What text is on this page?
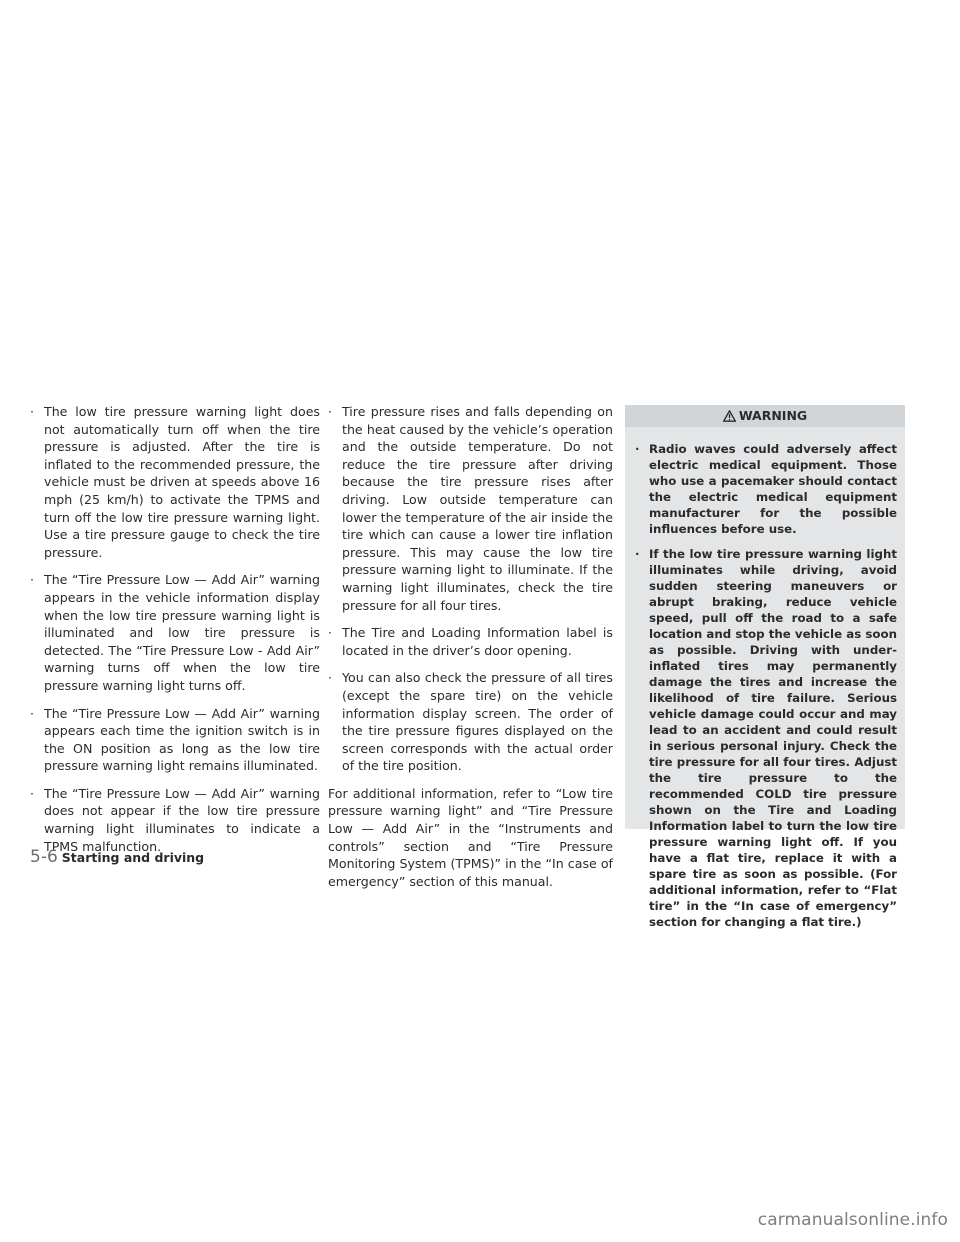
· The low tire pressure warning light does not automatically turn off when the tire pressure is adjusted. After the tire is inflated to the recommended pressure, the vehicle must be driven at speeds above 16 mph (25 km/h) to activate the TPMS and turn off the low tire pressure warning light. Use a tire pressure gauge to check the tire pressure.
· The “Tire Pressure Low — Add Air” warning appears in the vehicle information display when the low tire pressure warning light is illuminated and low tire pressure is detected. The “Tire Pressure Low - Add Air” warning turns off when the low tire pressure warning light turns off.
· The “Tire Pressure Low — Add Air” warning appears each time the ignition switch is in the ON position as long as the low tire pressure warning light remains illuminated.
· The “Tire Pressure Low — Add Air” warning does not appear if the low tire pressure warning light illuminates to indicate a TPMS malfunction.
· Tire pressure rises and falls depending on the heat caused by the vehicle’s operation and the outside temperature. Do not reduce the tire pressure after driving because the tire pressure rises after driving. Low outside temperature can lower the temperature of the air inside the tire which can cause a lower tire inflation pressure. This may cause the low tire pressure warning light to illuminate. If the warning light illuminates, check the tire pressure for all four tires.
· The Tire and Loading Information label is located in the driver’s door opening.
· You can also check the pressure of all tires (except the spare tire) on the vehicle information display screen. The order of the tire pressure figures displayed on the screen corresponds with the actual order of the tire position.

For additional information, refer to “Low tire pressure warning light” and “Tire Pressure Low — Add Air” in the “Instruments and controls” section and “Tire Pressure Monitoring System (TPMS)” in the “In case of emergency” section of this manual.

WARNING
· Radio waves could adversely affect electric medical equipment. Those who use a pacemaker should contact the electric medical equipment manufacturer for the possible influences before use.
· If the low tire pressure warning light illuminates while driving, avoid sudden steering maneuvers or abrupt braking, reduce vehicle speed, pull off the road to a safe location and stop the vehicle as soon as possible. Driving with under-inflated tires may permanently damage the tires and increase the likelihood of tire failure. Serious vehicle damage could occur and may lead to an accident and could result in serious personal injury. Check the tire pressure for all four tires. Adjust the tire pressure to the recommended COLD tire pressure shown on the Tire and Loading Information label to turn the low tire pressure warning light off. If you have a flat tire, replace it with a spare tire as soon as possible. (For additional information, refer to “Flat tire” in the “In case of emergency” section for changing a flat tire.)
5-6 Starting and driving
carmanualsonline.info
